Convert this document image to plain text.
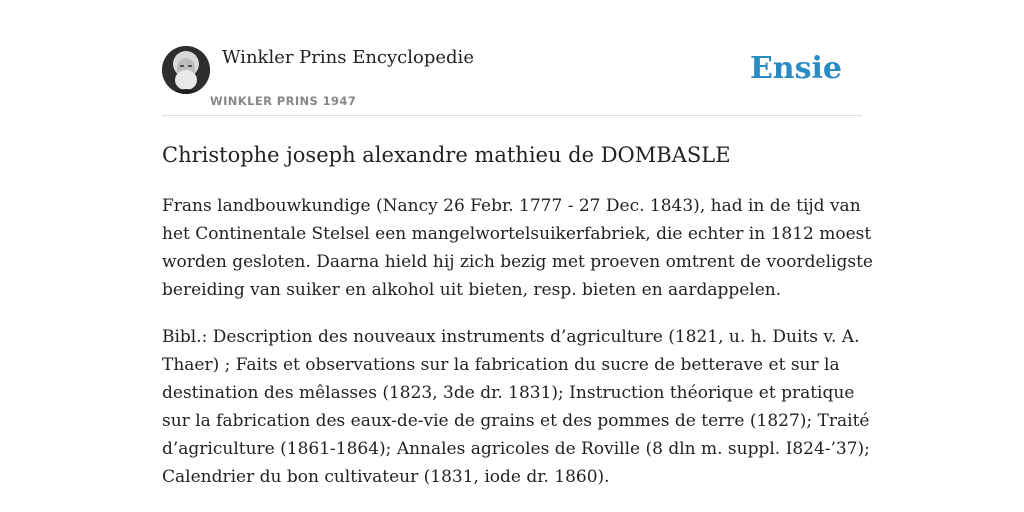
Winkler Prins Encyclopedie
WINKLER PRINS 1947
Ensie
Christophe joseph alexandre mathieu de DOMBASLE

Frans landbouwkundige (Nancy 26 Febr. 1777 - 27 Dec. 1843), had in de tijd van
het Continentale Stelsel een mangelwortelsuikerfabriek, die echter in 1812 moest
worden gesloten. Daarna hield hij zich bezig met proeven omtrent de voordeligste
bereiding van suiker en alkohol uit bieten, resp. bieten en aardappelen.

Bibl.: Description des nouveaux instruments d’agriculture (1821, u. h. Duits v. A.
Thaer) ; Faits et observations sur la fabrication du sucre de betterave et sur la
destination des mêlasses (1823, 3de dr. 1831); Instruction théorique et pratique
sur la fabrication des eaux-de-vie de grains et des pommes de terre (1827); Traité
d’agriculture (1861-1864); Annales agricoles de Roville (8 dln m. suppl. I824-’37);
Calendrier du bon cultivateur (1831, iode dr. 1860).
